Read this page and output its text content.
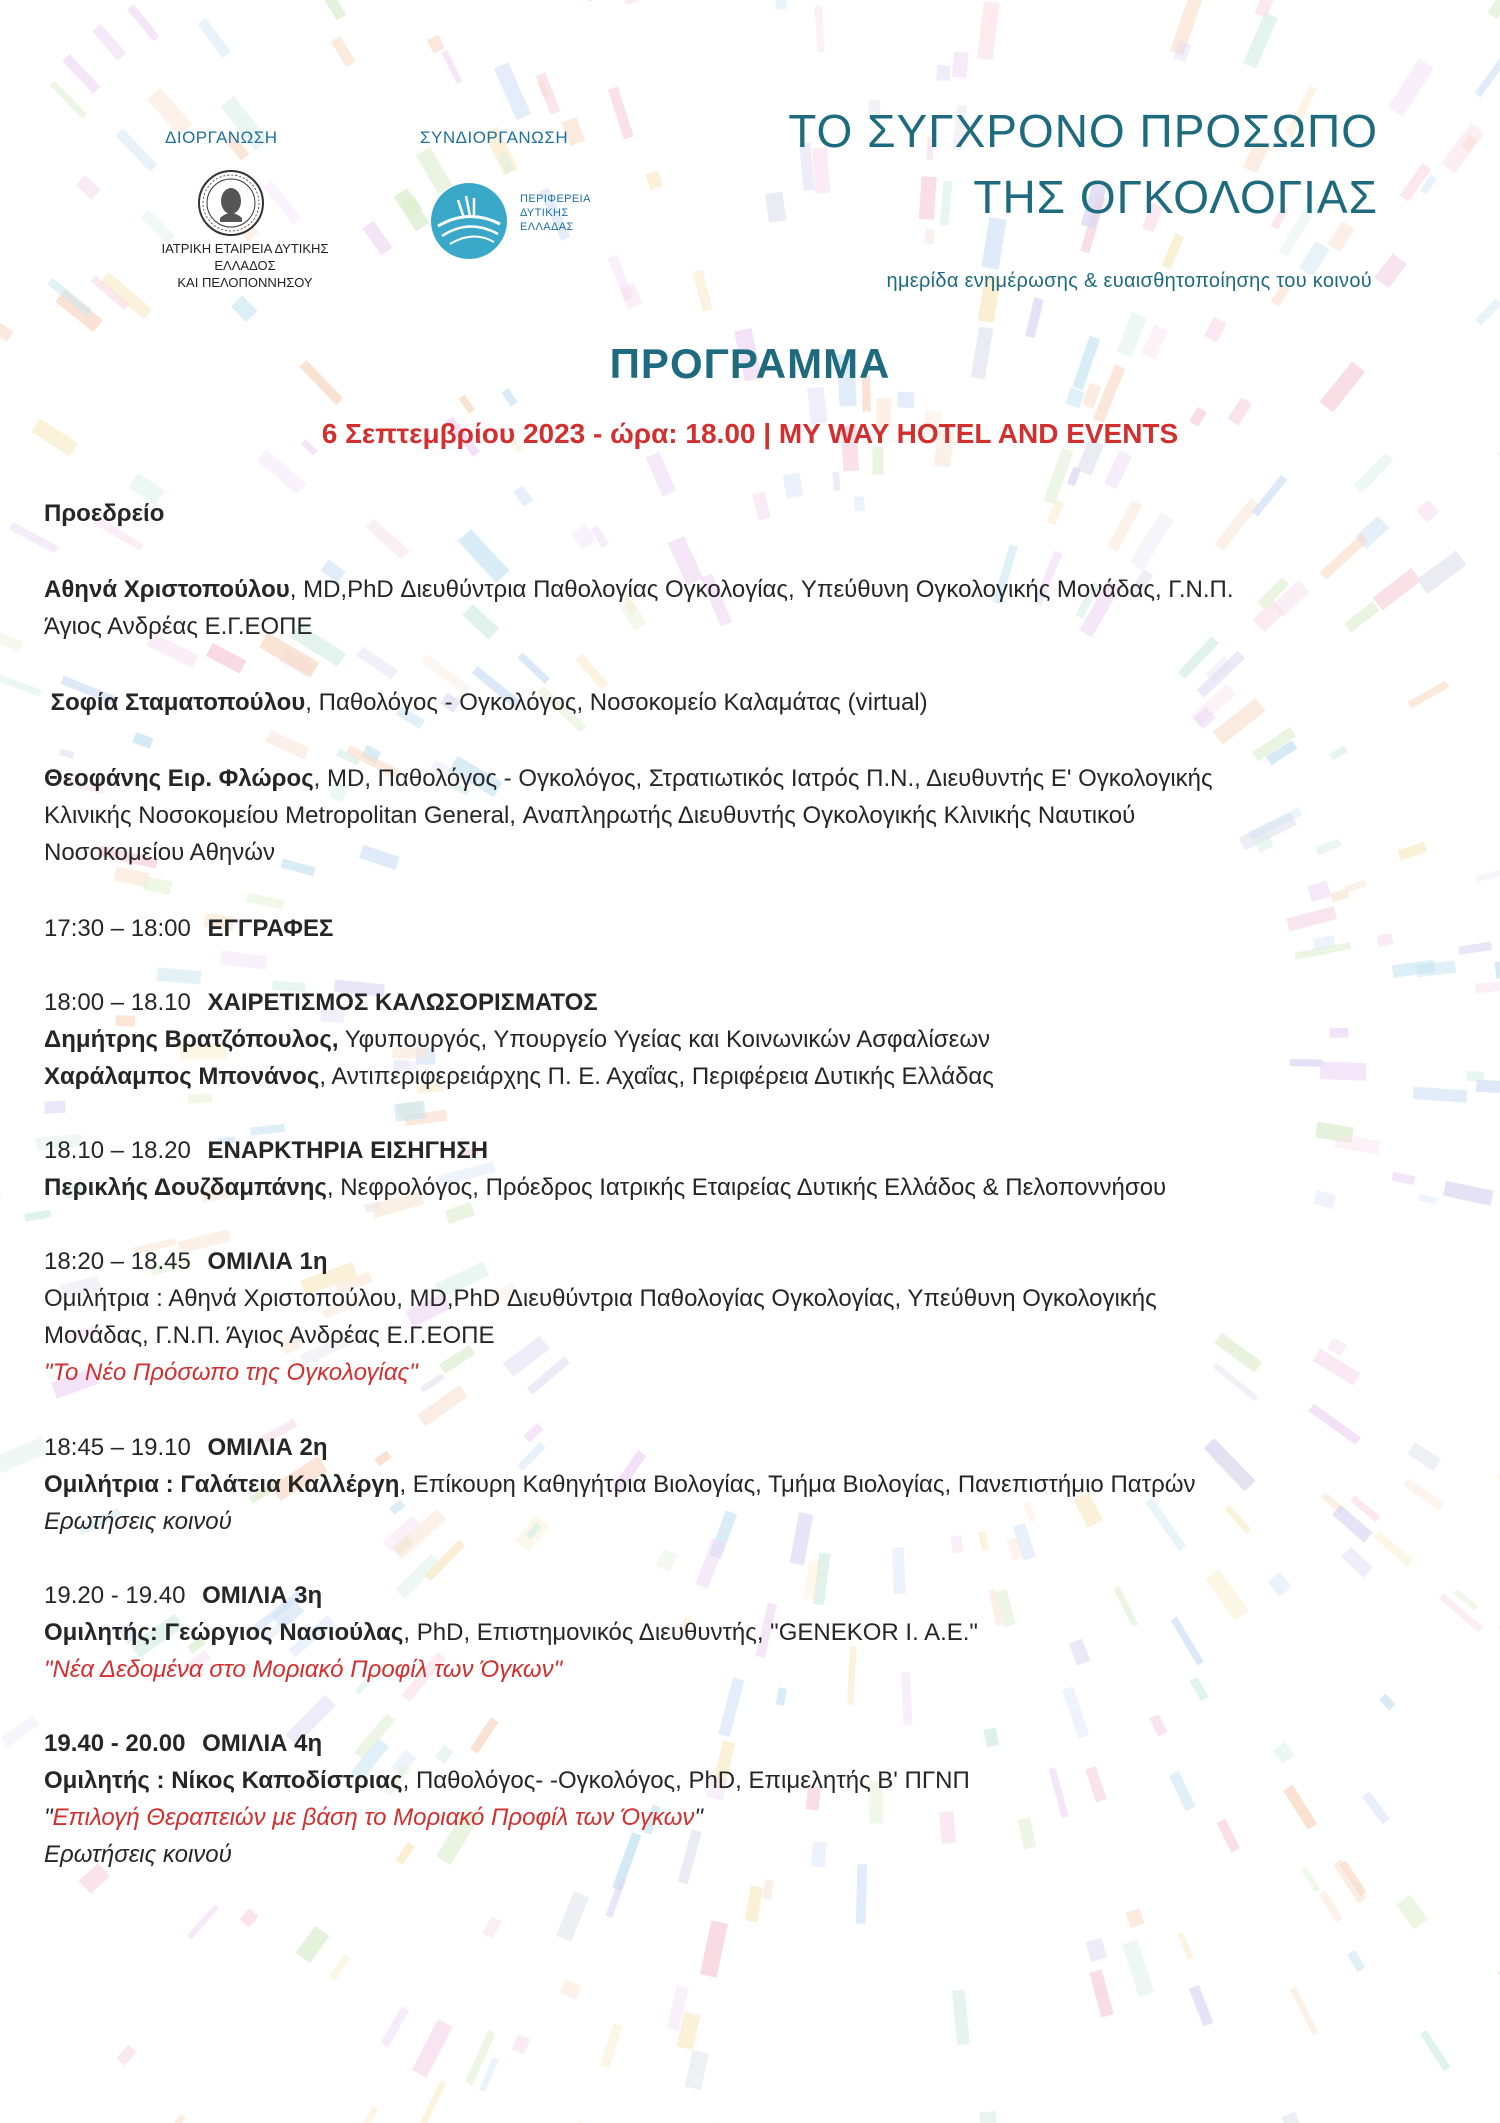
ΔΙΟΡΓΑΝΩΣΗ	ΣΥΝΔΙΟΡΓΑΝΩΣΗ
ΙΑΤΡΙΚΗ ΕΤΑΙΡΕΙΑ ΔΥΤΙΚΗΣ ΕΛΛΑΔΟΣ
ΚΑΙ ΠΕΛΟΠΟΝΝΗΣΟΥ
ΠΕΡΙΦΕΡΕΙΑ
ΔΥΤΙΚΗΣ
ΕΛΛΑΔΑΣ
ΤΟ ΣΥΓΧΡΟΝΟ ΠΡΟΣΩΠΟ
ΤΗΣ ΟΓΚΟΛΟΓΙΑΣ
ημερίδα ενημέρωσης & ευαισθητοποίησης του κοινού
ΠΡΟΓΡΑΜΜΑ
6 Σεπτεμβρίου 2023 - ώρα: 18.00 | MY WAY HOTEL AND EVENTS
Προεδρείο
Αθηνά Χριστοπούλου, MD,PhD Διευθύντρια Παθολογίας Ογκολογίας, Υπεύθυνη Ογκολογικής Μονάδας, Γ.Ν.Π.
Άγιος Ανδρέας Ε.Γ.ΕΟΠΕ
Σοφία Σταματοπούλου, Παθολόγος - Ογκολόγος, Νοσοκομείο Καλαμάτας (virtual)
Θεοφάνης Ειρ. Φλώρος, MD, Παθολόγος - Ογκολόγος, Στρατιωτικός Ιατρός Π.Ν., Διευθυντής Ε' Ογκολογικής
Κλινικής Νοσοκομείου Metropolitan General, Αναπληρωτής Διευθυντής Ογκολογικής Κλινικής Ναυτικού
Νοσοκομείου Αθηνών
17:30 – 18:00 ΕΓΓΡΑΦΕΣ
18:00 – 18.10 ΧΑΙΡΕΤΙΣΜΟΣ ΚΑΛΩΣΟΡΙΣΜΑΤΟΣ
Δημήτρης Βρατζόπουλος, Υφυπουργός, Υπουργείο Υγείας και Κοινωνικών Ασφαλίσεων
Χαράλαμπος Μπονάνος, Αντιπεριφερειάρχης Π. Ε. Αχαΐας, Περιφέρεια Δυτικής Ελλάδας
18.10 – 18.20 ΕΝΑΡΚΤΗΡΙΑ ΕΙΣΗΓΗΣΗ
Περικλής Δουζδαμπάνης, Νεφρολόγος, Πρόεδρος Ιατρικής Εταιρείας Δυτικής Ελλάδος & Πελοποννήσου
18:20 – 18.45 ΟΜΙΛΙΑ 1η
Ομιλήτρια : Αθηνά Χριστοπούλου, MD,PhD Διευθύντρια Παθολογίας Ογκολογίας, Υπεύθυνη Ογκολογικής
Μονάδας, Γ.Ν.Π. Άγιος Ανδρέας Ε.Γ.ΕΟΠΕ
"Το Νέο Πρόσωπο της Ογκολογίας"
18:45 – 19.10 ΟΜΙΛΙΑ 2η
Ομιλήτρια : Γαλάτεια Καλλέργη, Επίκουρη Καθηγήτρια Βιολογίας, Τμήμα Βιολογίας, Πανεπιστήμιο Πατρών
Ερωτήσεις κοινού
19.20 - 19.40 ΟΜΙΛΙΑ 3η
Ομιλητής: Γεώργιος Νασιούλας, PhD, Επιστημονικός Διευθυντής, "GENEKOR Ι. Α.Ε."
"Νέα Δεδομένα στο Μοριακό Προφίλ των Όγκων"
19.40 - 20.00 ΟΜΙΛΙΑ 4η
Ομιλητής : Νίκος Καποδίστριας, Παθολόγος- -Ογκολόγος, PhD, Επιμελητής Β' ΠΓΝΠ
"Επιλογή Θεραπειών με βάση το Μοριακό Προφίλ των Όγκων"
Ερωτήσεις κοινού
